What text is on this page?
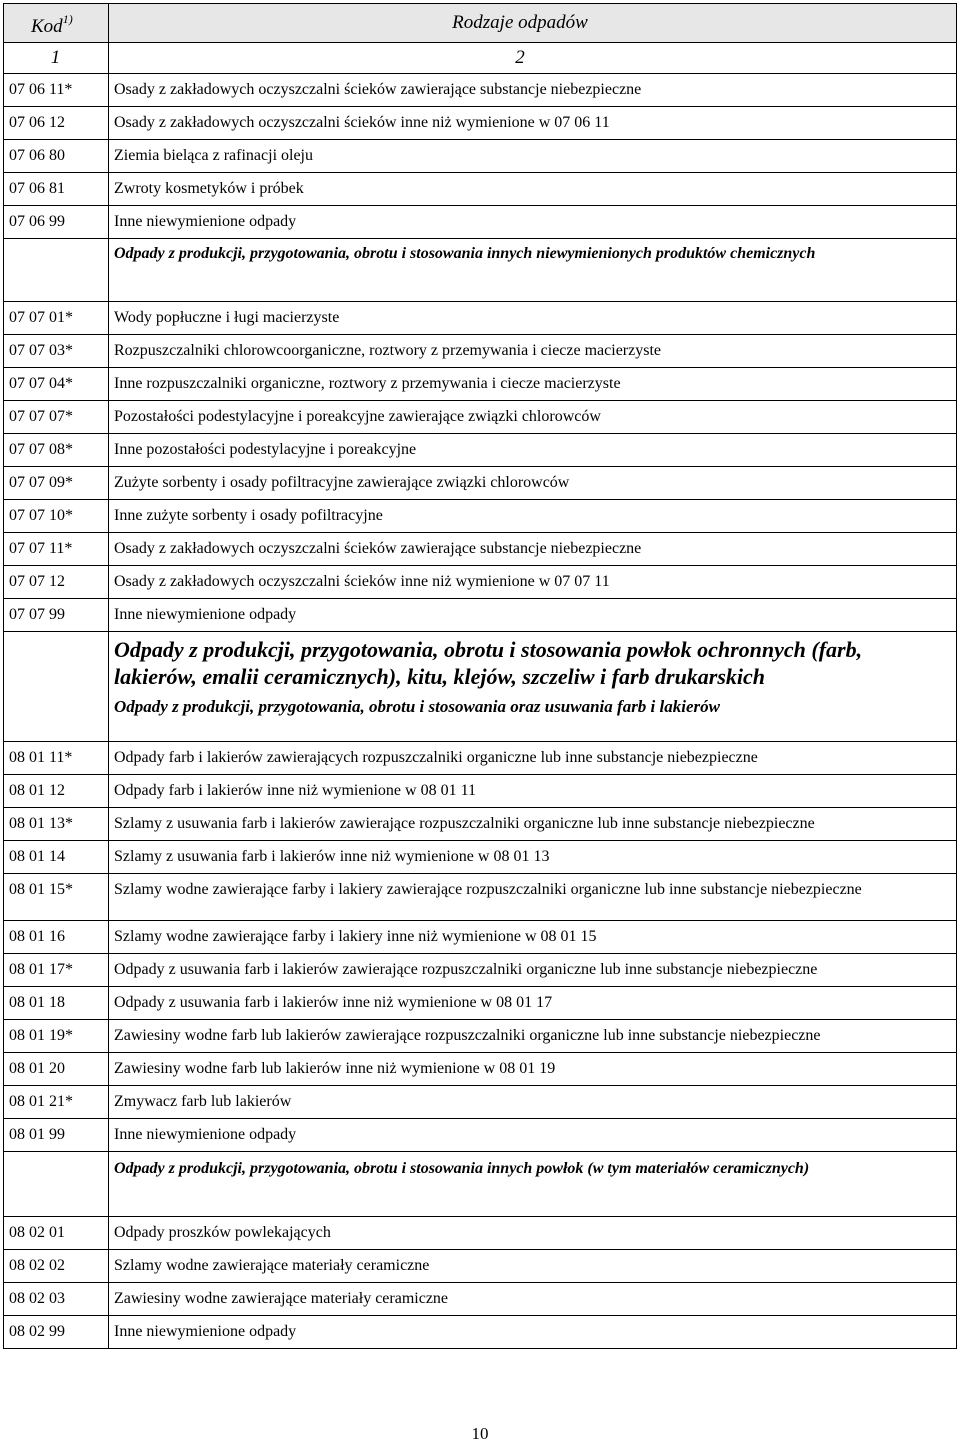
Kod$^{1)}$	Rodzaje odpadów
1	2
07 06 11*	Osady z zakładowych oczyszczalni ścieków zawierające substancje niebezpieczne
07 06 12	Osady z zakładowych oczyszczalni ścieków inne niż wymienione w 07 06 11
07 06 80	Ziemia bieląca z rafinacji oleju
07 06 81	Zwroty kosmetyków i próbek
07 06 99	Inne niewymienione odpady
	Odpady z produkcji, przygotowania, obrotu i stosowania innych niewymienionych produktów chemicznych
07 07 01*	Wody popłuczne i ługi macierzyste
07 07 03*	Rozpuszczalniki chlorowcoorganiczne, roztwory z przemywania i ciecze macierzyste
07 07 04*	Inne rozpuszczalniki organiczne, roztwory z przemywania i ciecze macierzyste
07 07 07*	Pozostałości podestylacyjne i poreakcyjne zawierające związki chlorowców
07 07 08*	Inne pozostałości podestylacyjne i poreakcyjne
07 07 09*	Zużyte sorbenty i osady pofiltracyjne zawierające związki chlorowców
07 07 10*	Inne zużyte sorbenty i osady pofiltracyjne
07 07 11*	Osady z zakładowych oczyszczalni ścieków zawierające substancje niebezpieczne
07 07 12	Osady z zakładowych oczyszczalni ścieków inne niż wymienione w 07 07 11
07 07 99	Inne niewymienione odpady

	Odpady z produkcji, przygotowania, obrotu i stosowania powłok ochronnych (farb, lakierów, emalii ceramicznych), kitu, klejów, szczeliw i farb drukarskich
Odpady z produkcji, przygotowania, obrotu i stosowania oraz usuwania farb i lakierów

08 01 11*	Odpady farb i lakierów zawierających rozpuszczalniki organiczne lub inne substancje niebezpieczne
08 01 12	Odpady farb i lakierów inne niż wymienione w 08 01 11
08 01 13*	Szlamy z usuwania farb i lakierów zawierające rozpuszczalniki organiczne lub inne substancje niebezpieczne
08 01 14	Szlamy z usuwania farb i lakierów inne niż wymienione w 08 01 13
08 01 15*	Szlamy wodne zawierające farby i lakiery zawierające rozpuszczalniki organiczne lub inne substancje niebezpieczne
08 01 16	Szlamy wodne zawierające farby i lakiery inne niż wymienione w 08 01 15
08 01 17*	Odpady z usuwania farb i lakierów zawierające rozpuszczalniki organiczne lub inne substancje niebezpieczne
08 01 18	Odpady z usuwania farb i lakierów inne niż wymienione w 08 01 17
08 01 19*	Zawiesiny wodne farb lub lakierów zawierające rozpuszczalniki organiczne lub inne substancje niebezpieczne
08 01 20	Zawiesiny wodne farb lub lakierów inne niż wymienione w 08 01 19
08 01 21*	Zmywacz farb lub lakierów
08 01 99	Inne niewymienione odpady
	Odpady z produkcji, przygotowania, obrotu i stosowania innych powłok (w tym materiałów ceramicznych)
08 02 01	Odpady proszków powlekających
08 02 02	Szlamy wodne zawierające materiały ceramiczne
08 02 03	Zawiesiny wodne zawierające materiały ceramiczne
08 02 99	Inne niewymienione odpady
10
